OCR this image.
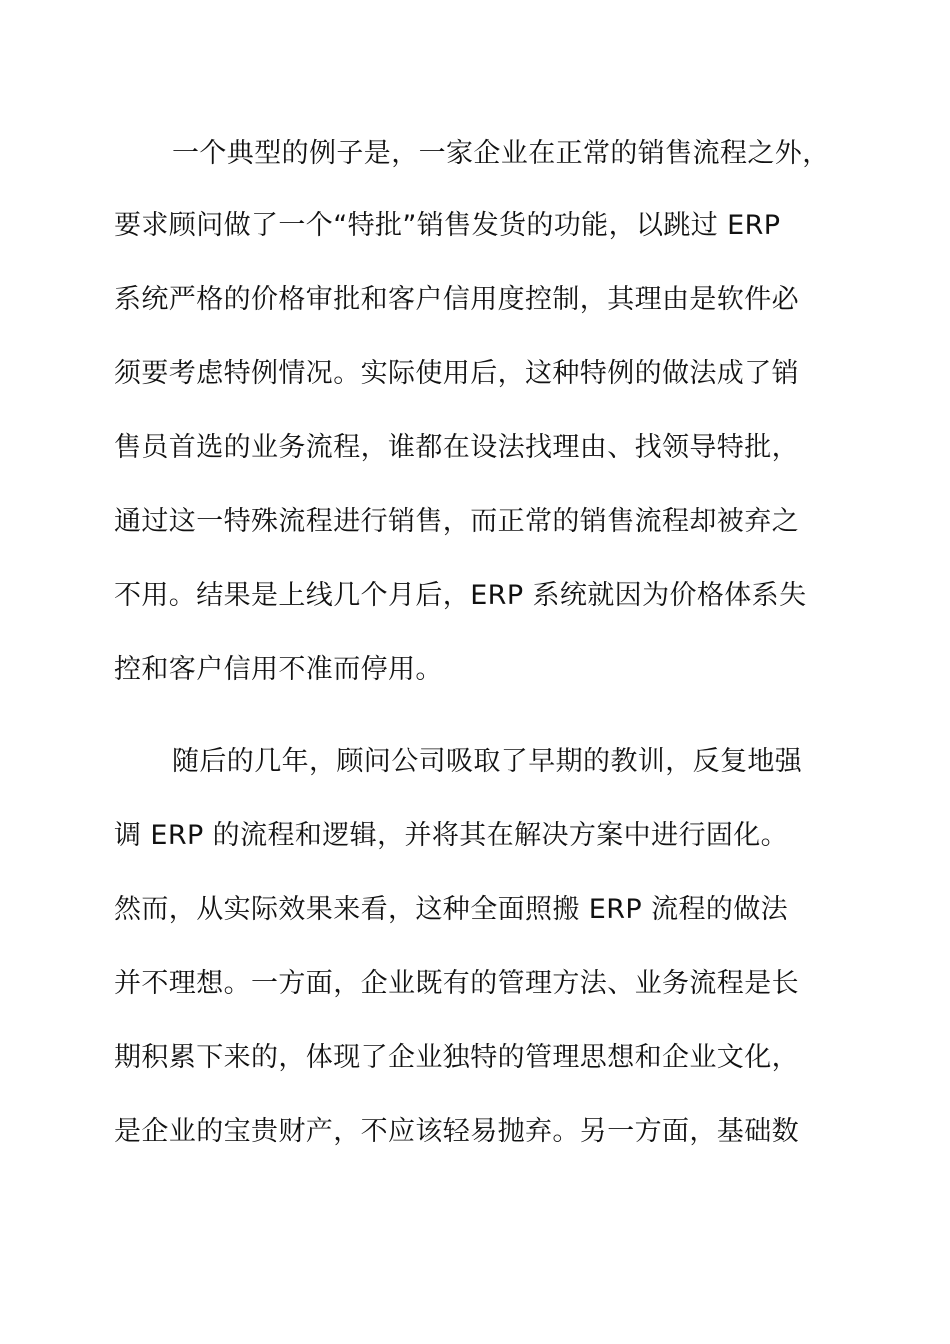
一个典型的例子是，一家企业在正常的销售流程之外，
要求顾问做了一个“特批”销售发货的功能，以跳过 ERP
系统严格的价格审批和客户信用度控制，其理由是软件必
须要考虑特例情况。实际使用后，这种特例的做法成了销
售员首选的业务流程，谁都在设法找理由、找领导特批，
通过这一特殊流程进行销售，而正常的销售流程却被弃之
不用。结果是上线几个月后，ERP 系统就因为价格体系失
控和客户信用不准而停用。
随后的几年，顾问公司吸取了早期的教训，反复地强
调 ERP 的流程和逻辑，并将其在解决方案中进行固化。
然而，从实际效果来看，这种全面照搬 ERP 流程的做法
并不理想。一方面，企业既有的管理方法、业务流程是长
期积累下来的，体现了企业独特的管理思想和企业文化，
是企业的宝贵财产，不应该轻易抛弃。另一方面，基础数
